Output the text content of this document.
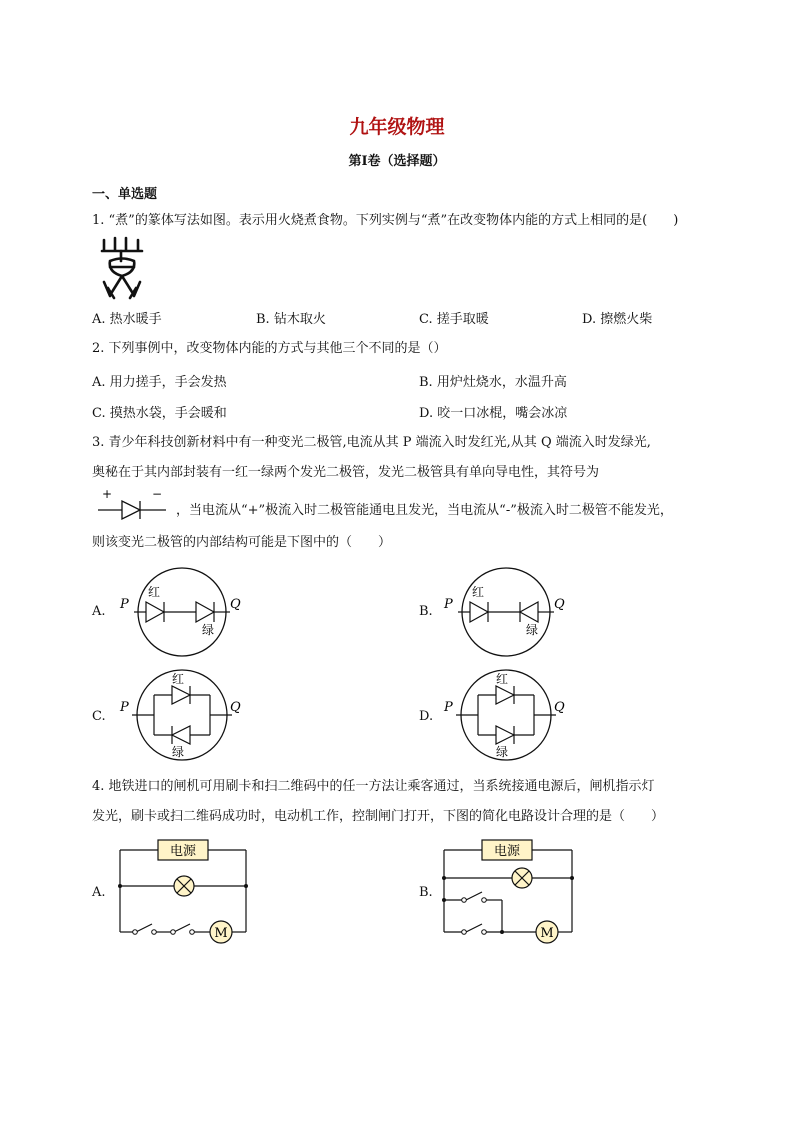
九年级物理
第Ⅰ卷（选择题）
一、单选题
1. “煮”的篆体写法如图。表示用火烧煮食物。下列实例与“煮”在改变物体内能的方式上相同的是(　　)
A. 热水暖手	B. 钻木取火	C. 搓手取暖	D. 擦燃火柴
2. 下列事例中，改变物体内能的方式与其他三个不同的是（）
A. 用力搓手，手会发热	B. 用炉灶烧水，水温升高
C. 摸热水袋，手会暖和	D. 咬一口冰棍，嘴会冰凉
3. 青少年科技创新材料中有一种变光二极管,电流从其 P 端流入时发红光,从其 Q 端流入时发绿光,
奥秘在于其内部封装有一红一绿两个发光二极管，发光二极管具有单向导电性，其符号为
+	−
，当电流从“+”极流入时二极管能通电且发光，当电流从“-”极流入时二极管不能发光，
则该变光二极管的内部结构可能是下图中的（　　）
A. P	Q
红
绿
B. P	Q
红
绿
C.
P	Q
红
绿
D.
P	Q
红
绿
4. 地铁进口的闸机可用刷卡和扫二维码中的任一方法让乘客通过，当系统接通电源后，闸机指示灯
发光，刷卡或扫二维码成功时，电动机工作，控制闸门打开，下图的简化电路设计合理的是（　　）
A.
电源
M
B.
电源
M
